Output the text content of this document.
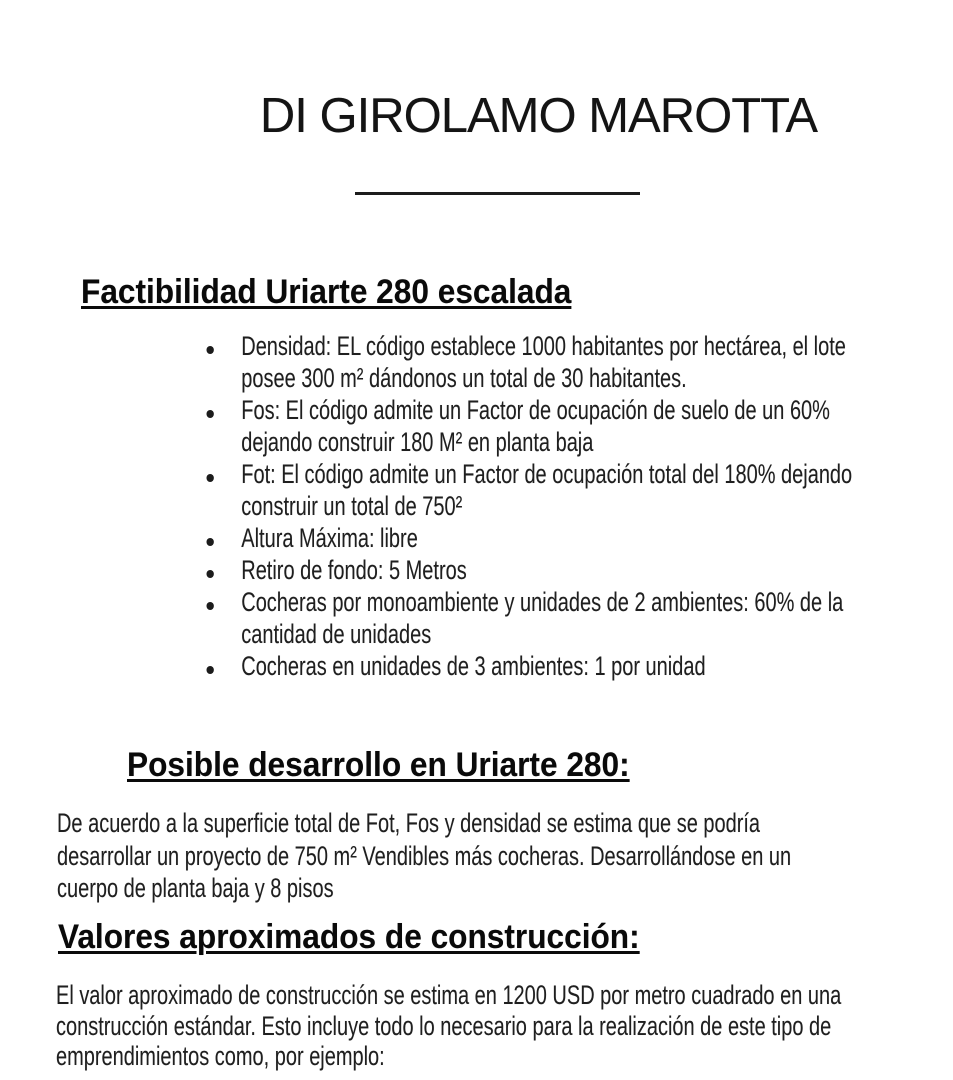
DI GIROLAMO MAROTTA
Factibilidad Uriarte 280 escalada
Densidad: EL código establece 1000 habitantes por hectárea, el lote
posee 300 m² dándonos un total de 30 habitantes.
Fos: El código admite un Factor de ocupación de suelo de un 60%
dejando construir 180 M² en planta baja
Fot: El código admite un Factor de ocupación total del 180% dejando
construir un total de 750²
Altura Máxima: libre
Retiro de fondo: 5 Metros
Cocheras por monoambiente y unidades de 2 ambientes: 60% de la
cantidad de unidades
Cocheras en unidades de 3 ambientes: 1 por unidad
Posible desarrollo en Uriarte 280:

De acuerdo a la superficie total de Fot, Fos y densidad se estima que se podría
desarrollar un proyecto de 750 m² Vendibles más cocheras. Desarrollándose en un
cuerpo de planta baja y 8 pisos

Valores aproximados de construcción:

El valor aproximado de construcción se estima en 1200 USD por metro cuadrado en una
construcción estándar. Esto incluye todo lo necesario para la realización de este tipo de
emprendimientos como, por ejemplo:
